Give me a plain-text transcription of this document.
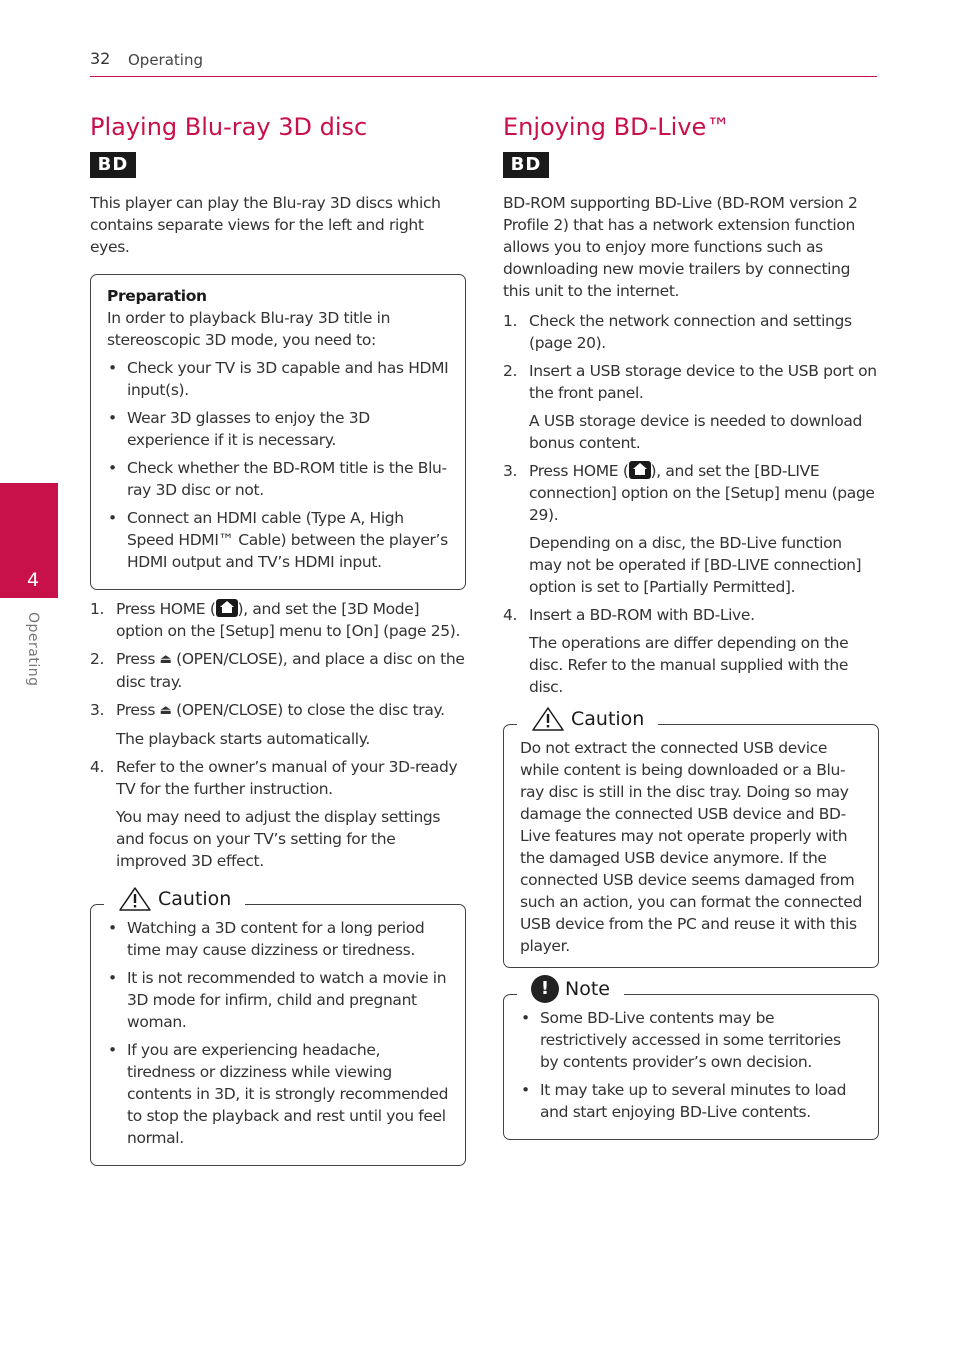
32 Operating
4
Operating
Playing Blu-ray 3D disc
BD

This player can play the Blu-ray 3D discs which contains separate views for the left and right eyes.

Preparation
In order to playback Blu-ray 3D title in stereoscopic 3D mode, you need to:
• Check your TV is 3D capable and has HDMI input(s).
• Wear 3D glasses to enjoy the 3D experience if it is necessary.
• Check whether the BD-ROM title is the Blu-ray 3D disc or not.
• Connect an HDMI cable (Type A, High Speed HDMI™ Cable) between the player’s HDMI output and TV’s HDMI input.
1. Press HOME ( ), and set the [3D Mode] option on the [Setup] menu to [On] (page 25).
2. Press ⏏ (OPEN/CLOSE), and place a disc on the disc tray.
3. Press ⏏ (OPEN/CLOSE) to close the disc tray.
The playback starts automatically.
4. Refer to the owner’s manual of your 3D-ready TV for the further instruction.
You may need to adjust the display settings and focus on your TV’s setting for the improved 3D effect.
• Watching a 3D content for a long period time may cause dizziness or tiredness.
• It is not recommended to watch a movie in 3D mode for infirm, child and pregnant woman.
• If you are experiencing headache, tiredness or dizziness while viewing contents in 3D, it is strongly recommended to stop the playback and rest until you feel normal.
Caution
Enjoying BD-Live™
BD

BD-ROM supporting BD-Live (BD-ROM version 2 Profile 2) that has a network extension function allows you to enjoy more functions such as downloading new movie trailers by connecting this unit to the internet.

1. Check the network connection and settings (page 20).
2. Insert a USB storage device to the USB port on the front panel.
A USB storage device is needed to download bonus content.
3. Press HOME ( ), and set the [BD-LIVE connection] option on the [Setup] menu (page 29).
Depending on a disc, the BD-Live function may not be operated if [BD-LIVE connection] option is set to [Partially Permitted].
4. Insert a BD-ROM with BD-Live.
The operations are differ depending on the disc. Refer to the manual supplied with the disc.
Do not extract the connected USB device while content is being downloaded or a Blu-ray disc is still in the disc tray. Doing so may damage the connected USB device and BD-Live features may not operate properly with the damaged USB device anymore. If the connected USB device seems damaged from such an action, you can format the connected USB device from the PC and reuse it with this player.
Caution
• Some BD-Live contents may be restrictively accessed in some territories by contents provider’s own decision.
• It may take up to several minutes to load and start enjoying BD-Live contents.
! Note
